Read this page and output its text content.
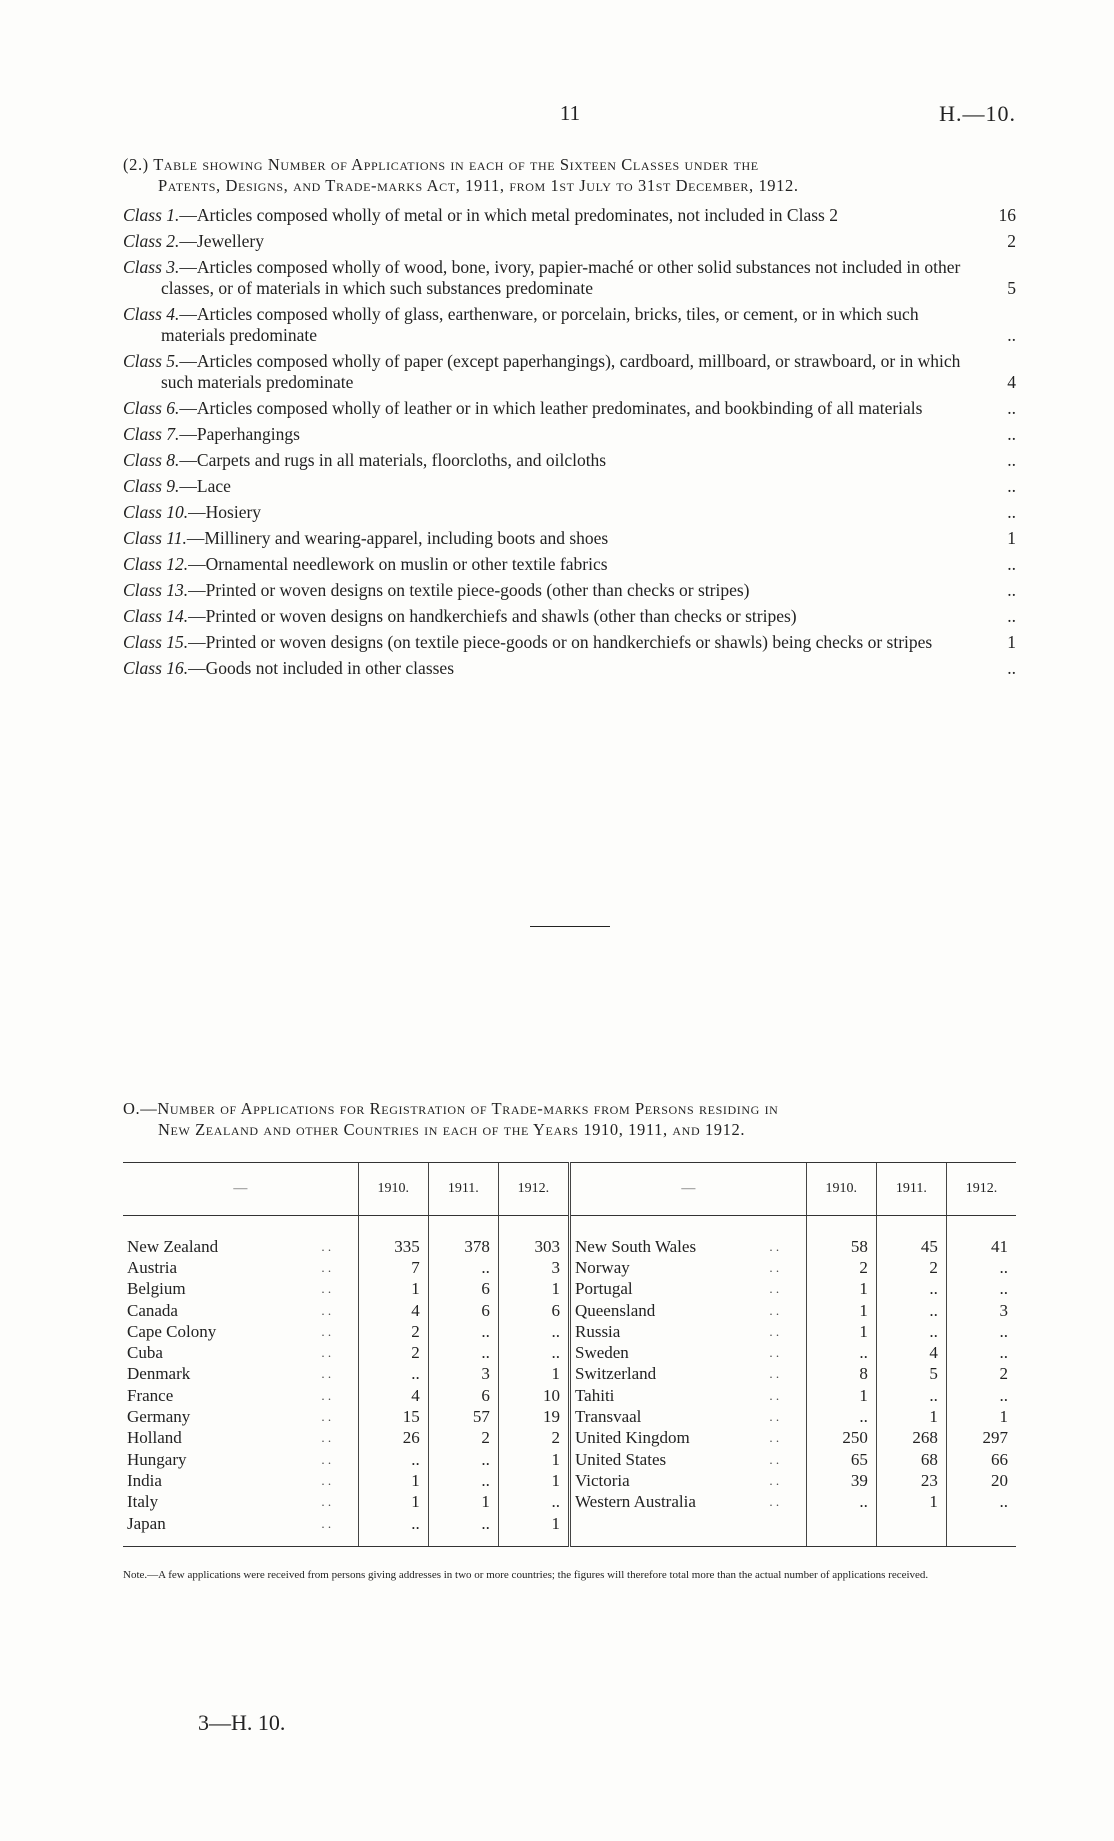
11	H.—10.
(2.) Table showing Number of Applications in each of the Sixteen Classes under the
Patents, Designs, and Trade-marks Act, 1911, from 1st July to 31st December, 1912.
Class 1.—Articles composed wholly of metal or in which metal predominates, not included in Class 2	16
Class 2.—Jewellery	2
Class 3.—Articles composed wholly of wood, bone, ivory, papier-maché or other solid substances not included in other classes, or of materials in which such substances predominate	5
Class 4.—Articles composed wholly of glass, earthenware, or porcelain, bricks, tiles, or cement, or in which such materials predominate	..
Class 5.—Articles composed wholly of paper (except paperhangings), cardboard, millboard, or strawboard, or in which such materials predominate	4
Class 6.—Articles composed wholly of leather or in which leather predominates, and bookbinding of all materials	..
Class 7.—Paperhangings	..
Class 8.—Carpets and rugs in all materials, floorcloths, and oilcloths	..
Class 9.—Lace	..
Class 10.—Hosiery	..
Class 11.—Millinery and wearing-apparel, including boots and shoes	1
Class 12.—Ornamental needlework on muslin or other textile fabrics	..
Class 13.—Printed or woven designs on textile piece-goods (other than checks or stripes)	..
Class 14.—Printed or woven designs on handkerchiefs and shawls (other than checks or stripes)	..
Class 15.—Printed or woven designs (on textile piece-goods or on handkerchiefs or shawls) being checks or stripes	1
Class 16.—Goods not included in other classes	..
O.—Number of Applications for Registration of Trade-marks from Persons residing in
New Zealand and other Countries in each of the Years 1910, 1911, and 1912.
—		1910.	1911.	1912.	—		1910.	1911.	1912.
New Zealand	. .	335	378	303	New South Wales	. .	58	45	41
Austria	. .	7	..	3	Norway	. .	2	2	..
Belgium	. .	1	6	1	Portugal	. .	1	..	..
Canada	. .	4	6	6	Queensland	. .	1	..	3
Cape Colony	. .	2	..	..	Russia	. .	1	..	..
Cuba	. .	2	..	..	Sweden	. .	..	4	..
Denmark	. .	..	3	1	Switzerland	. .	8	5	2
France	. .	4	6	10	Tahiti	. .	1	..	..
Germany	. .	15	57	19	Transvaal	. .	..	1	1
Holland	. .	26	2	2	United Kingdom	. .	250	268	297
Hungary	. .	..	..	1	United States	. .	65	68	66
India	. .	1	..	1	Victoria	. .	39	23	20
Italy	. .	1	1	..	Western Australia	. .	..	1	..
Japan	. .	..	..	1					
Note.—A few applications were received from persons giving addresses in two or more countries; the figures will therefore total more than the actual number of applications received.
3—H. 10.
